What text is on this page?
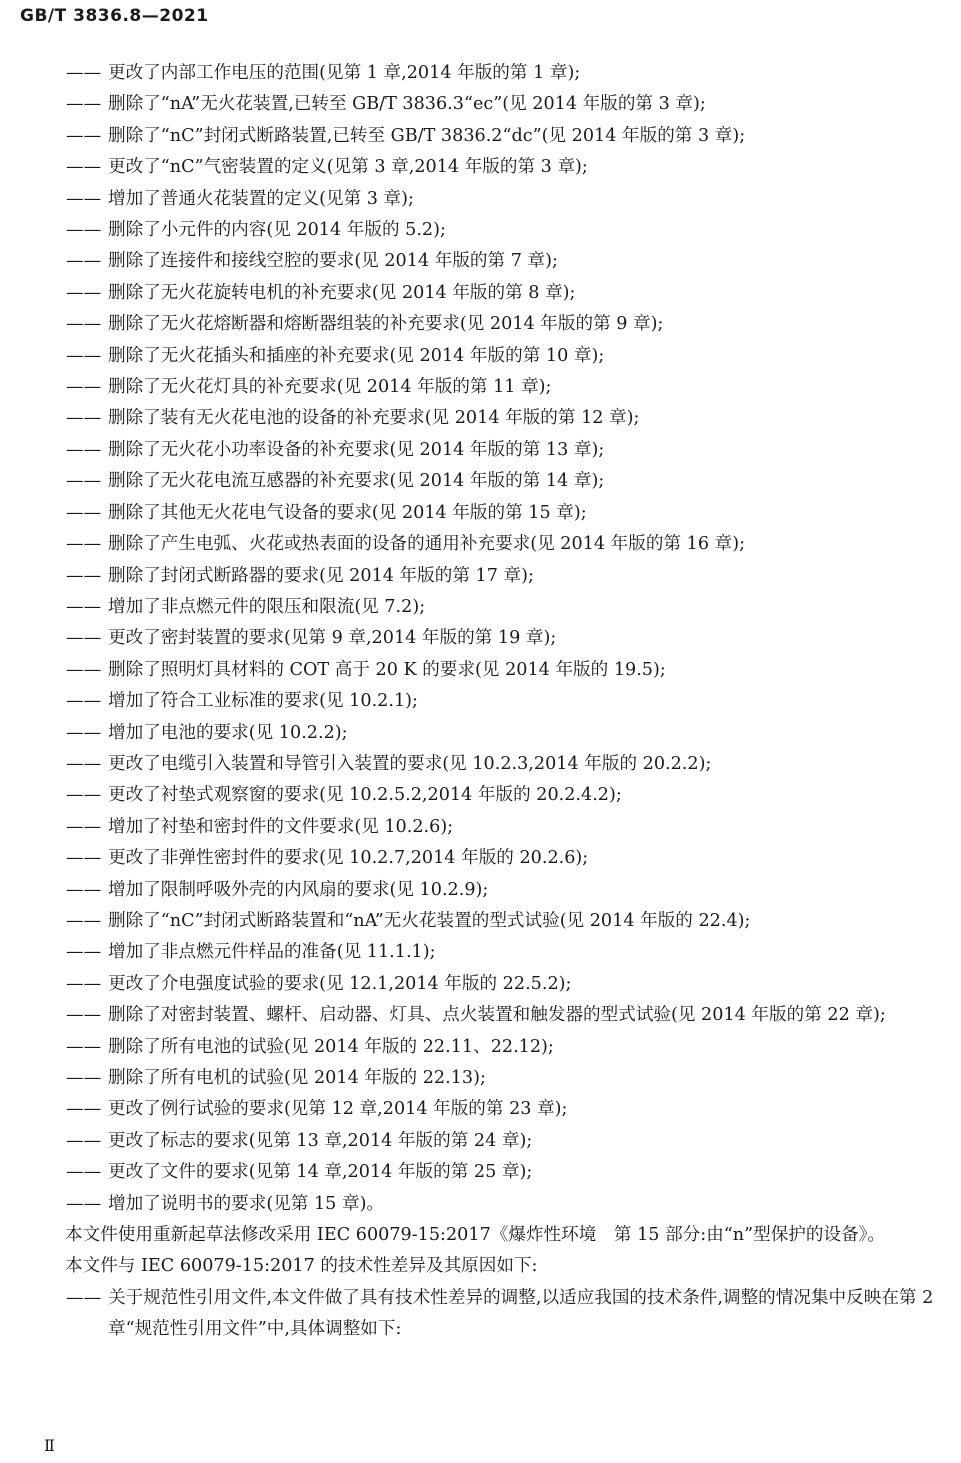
GB/T 3836.8—2021
—— 更改了内部工作电压的范围(见第 1 章,2014 年版的第 1 章);
—— 删除了“nA”无火花装置,已转至 GB/T 3836.3“ec”(见 2014 年版的第 3 章);
—— 删除了“nC”封闭式断路装置,已转至 GB/T 3836.2“dc”(见 2014 年版的第 3 章);
—— 更改了“nC”气密装置的定义(见第 3 章,2014 年版的第 3 章);
—— 增加了普通火花装置的定义(见第 3 章);
—— 删除了小元件的内容(见 2014 年版的 5.2);
—— 删除了连接件和接线空腔的要求(见 2014 年版的第 7 章);
—— 删除了无火花旋转电机的补充要求(见 2014 年版的第 8 章);
—— 删除了无火花熔断器和熔断器组装的补充要求(见 2014 年版的第 9 章);
—— 删除了无火花插头和插座的补充要求(见 2014 年版的第 10 章);
—— 删除了无火花灯具的补充要求(见 2014 年版的第 11 章);
—— 删除了装有无火花电池的设备的补充要求(见 2014 年版的第 12 章);
—— 删除了无火花小功率设备的补充要求(见 2014 年版的第 13 章);
—— 删除了无火花电流互感器的补充要求(见 2014 年版的第 14 章);
—— 删除了其他无火花电气设备的要求(见 2014 年版的第 15 章);
—— 删除了产生电弧、火花或热表面的设备的通用补充要求(见 2014 年版的第 16 章);
—— 删除了封闭式断路器的要求(见 2014 年版的第 17 章);
—— 增加了非点燃元件的限压和限流(见 7.2);
—— 更改了密封装置的要求(见第 9 章,2014 年版的第 19 章);
—— 删除了照明灯具材料的 COT 高于 20 K 的要求(见 2014 年版的 19.5);
—— 增加了符合工业标准的要求(见 10.2.1);
—— 增加了电池的要求(见 10.2.2);
—— 更改了电缆引入装置和导管引入装置的要求(见 10.2.3,2014 年版的 20.2.2);
—— 更改了衬垫式观察窗的要求(见 10.2.5.2,2014 年版的 20.2.4.2);
—— 增加了衬垫和密封件的文件要求(见 10.2.6);
—— 更改了非弹性密封件的要求(见 10.2.7,2014 年版的 20.2.6);
—— 增加了限制呼吸外壳的内风扇的要求(见 10.2.9);
—— 删除了“nC”封闭式断路装置和“nA”无火花装置的型式试验(见 2014 年版的 22.4);
—— 增加了非点燃元件样品的准备(见 11.1.1);
—— 更改了介电强度试验的要求(见 12.1,2014 年版的 22.5.2);
—— 删除了对密封装置、螺杆、启动器、灯具、点火装置和触发器的型式试验(见 2014 年版的第 22 章);
—— 删除了所有电池的试验(见 2014 年版的 22.11、22.12);
—— 删除了所有电机的试验(见 2014 年版的 22.13);
—— 更改了例行试验的要求(见第 12 章,2014 年版的第 23 章);
—— 更改了标志的要求(见第 13 章,2014 年版的第 24 章);
—— 更改了文件的要求(见第 14 章,2014 年版的第 25 章);
—— 增加了说明书的要求(见第 15 章)。

本文件使用重新起草法修改采用 IEC 60079-15:2017《爆炸性环境　第 15 部分:由“n”型保护的设备》。

本文件与 IEC 60079-15:2017 的技术性差异及其原因如下:

—— 关于规范性引用文件,本文件做了具有技术性差异的调整,以适应我国的技术条件,调整的情况集中反映在第 2 章“规范性引用文件”中,具体调整如下:
Ⅱ
